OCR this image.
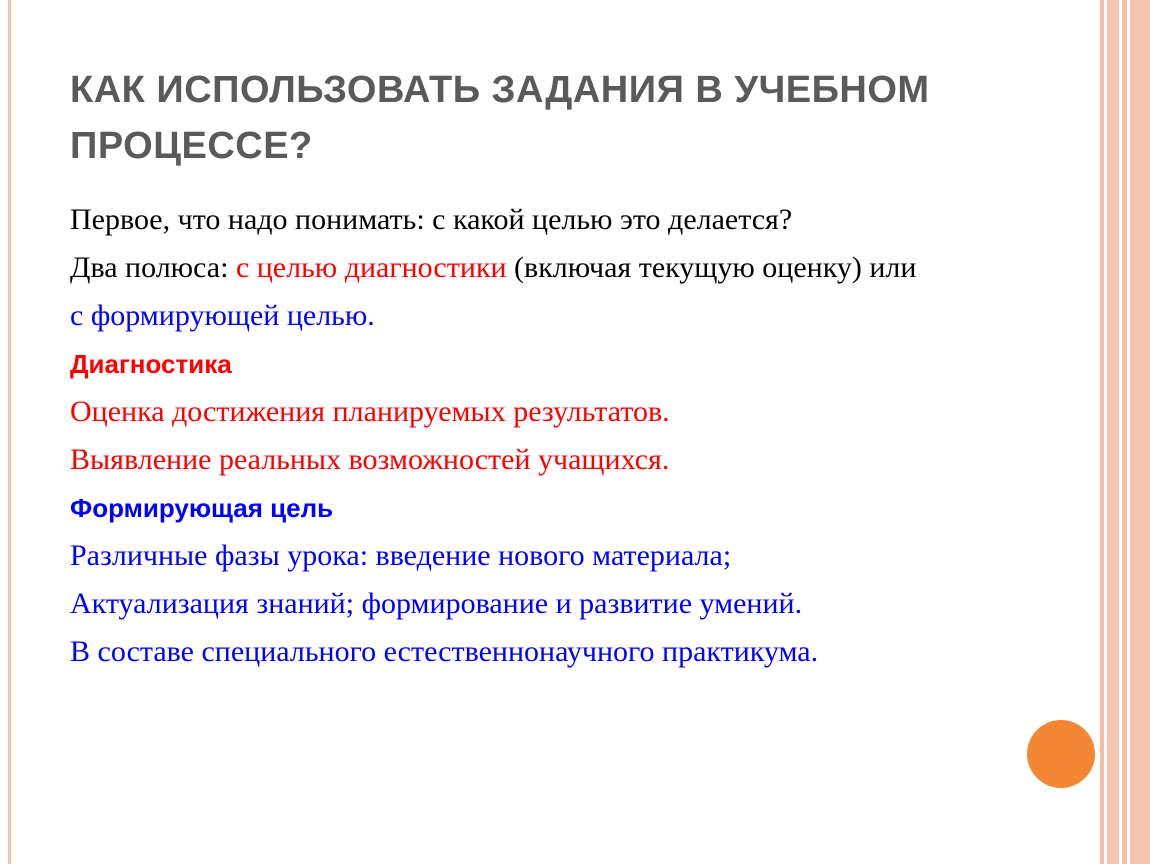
КАК ИСПОЛЬЗОВАТЬ ЗАДАНИЯ В УЧЕБНОМ ПРОЦЕССЕ?
Первое, что надо понимать: с какой целью это делается?
Два полюса: с целью диагностики (включая текущую оценку) или
с формирующей целью.
Диагностика
Оценка достижения планируемых результатов.
Выявление реальных возможностей учащихся.
Формирующая цель
Различные фазы урока: введение нового материала;
Актуализация знаний; формирование и развитие умений.
В составе специального естественнонаучного практикума.
